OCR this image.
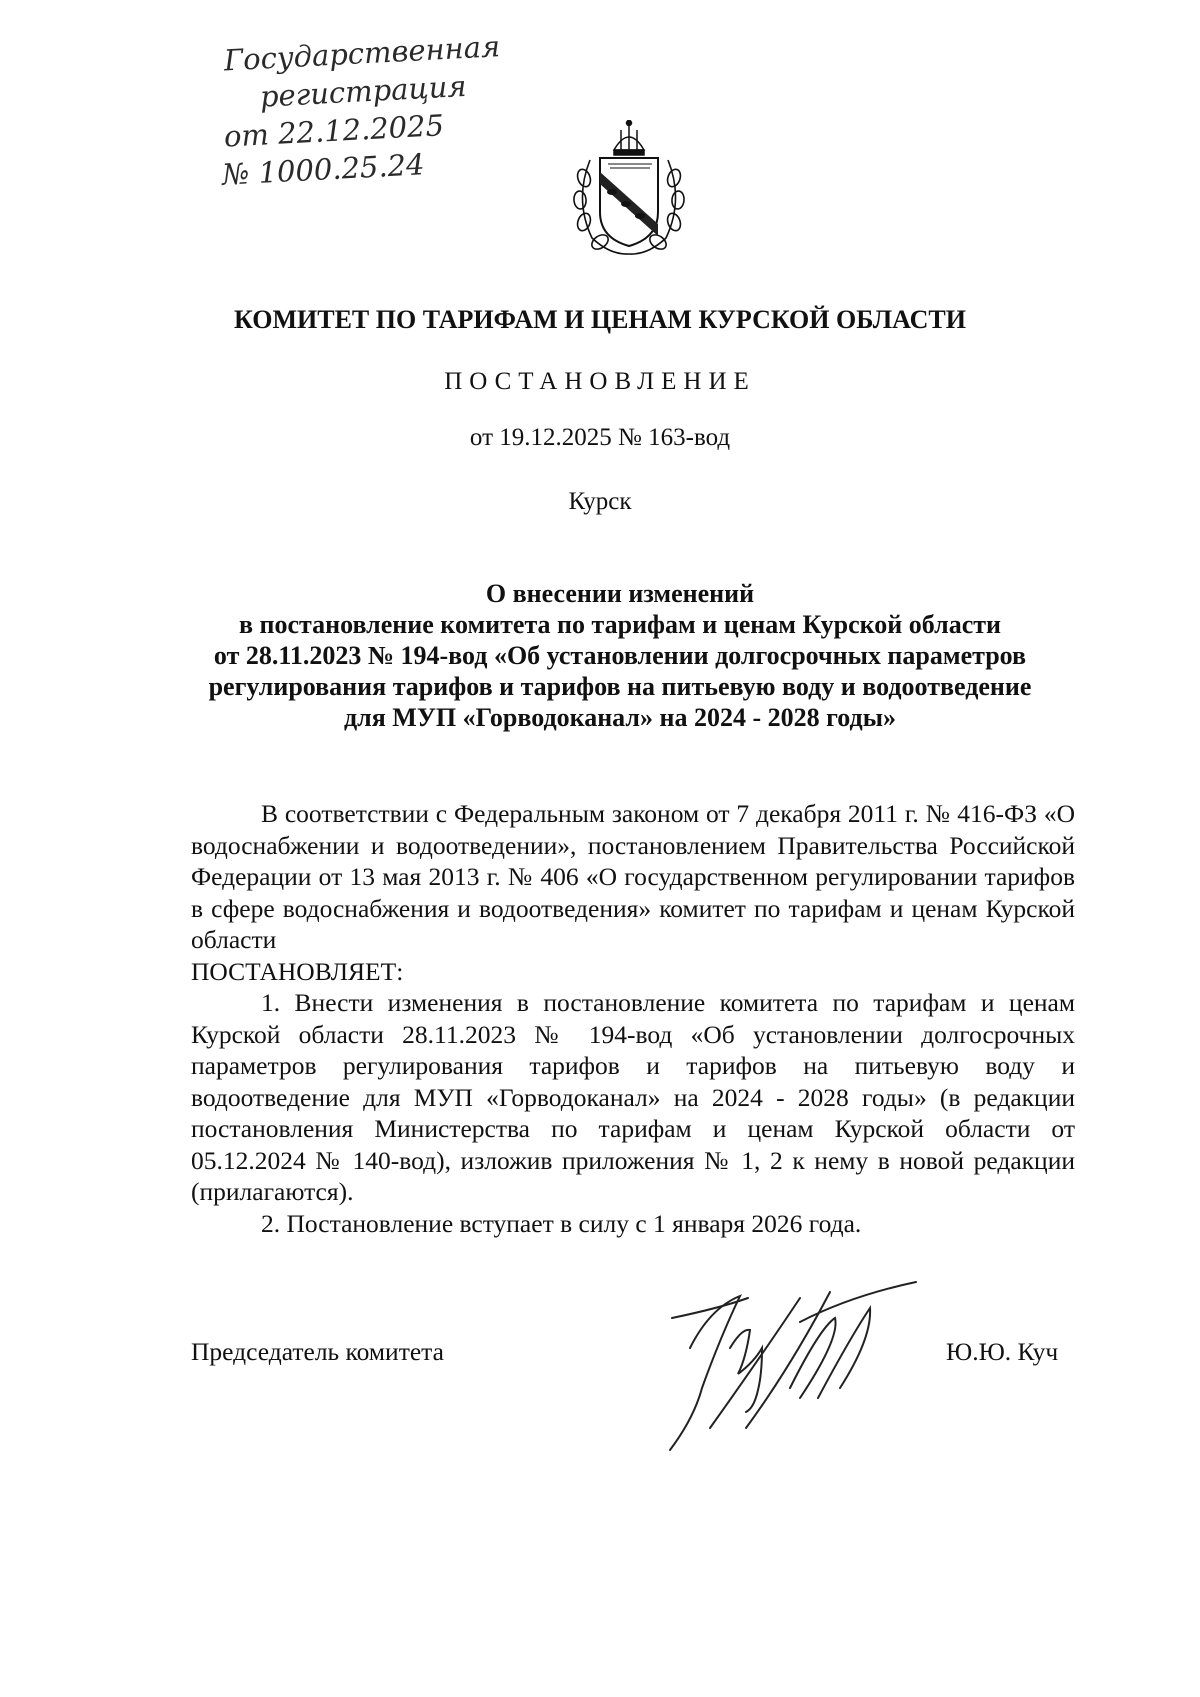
Государственная
регистрация
от 22.12.2025
№ 1000.25.24
КОМИТЕТ ПО ТАРИФАМ И ЦЕНАМ КУРСКОЙ ОБЛАСТИ
ПОСТАНОВЛЕНИЕ
от 19.12.2025 № 163-вод
Курск
О внесении изменений
в постановление комитета по тарифам и ценам Курской области
от 28.11.2023 № 194-вод «Об установлении долгосрочных параметров
регулирования тарифов и тарифов на питьевую воду и водоотведение
для МУП «Горводоканал» на 2024 - 2028 годы»
В соответствии с Федеральным законом от 7 декабря 2011 г. № 416-ФЗ «О водоснабжении и водоотведении», постановлением Правительства Российской Федерации от 13 мая 2013 г. № 406 «О государственном регулировании тарифов в сфере водоснабжения и водоотведения» комитет по тарифам и ценам Курской области
ПОСТАНОВЛЯЕТ:
1. Внести изменения в постановление комитета по тарифам и ценам Курской области 28.11.2023 № 194-вод «Об установлении долгосрочных параметров регулирования тарифов и тарифов на питьевую воду и водоотведение для МУП «Горводоканал» на 2024 - 2028 годы» (в редакции постановления Министерства по тарифам и ценам Курской области от 05.12.2024 № 140-вод), изложив приложения № 1, 2 к нему в новой редакции (прилагаются).
2. Постановление вступает в силу с 1 января 2026 года.
Председатель комитета	Ю.Ю. Куч
